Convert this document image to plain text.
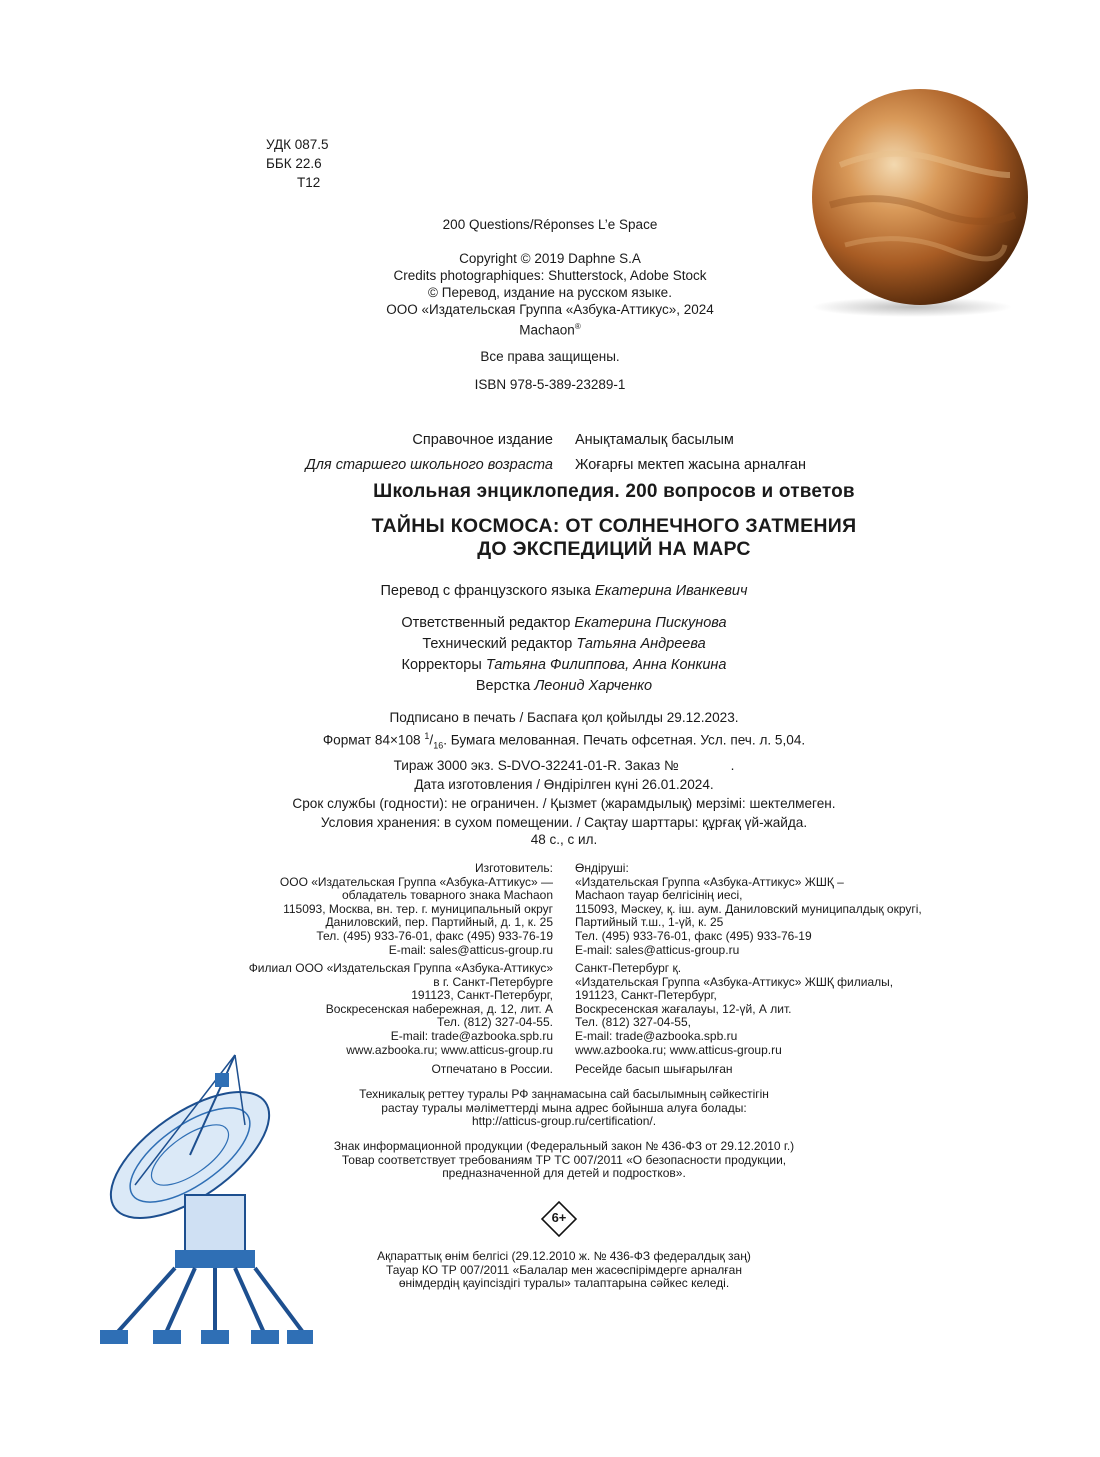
УДК 087.5
ББК 22.6
Т12
200 Questions/Réponses L’e Space
Copyright © 2019 Daphne S.A
Credits photographiques: Shutterstock, Adobe Stock
© Перевод, издание на русском языке.
ООО «Издательская Группа «Азбука-Аттикус», 2024
Machaon®
Все права защищены.
ISBN 978-5-389-23289-1
Справочное издание Анықтамалық басылым
Для старшего школьного возраста Жоғарғы мектеп жасына арналған
Школьная энциклопедия. 200 вопросов и ответов
ТАЙНЫ КОСМОСА: ОТ СОЛНЕЧНОГО ЗАТМЕНИЯ
ДО ЭКСПЕДИЦИЙ НА МАРС
Перевод с французского языка Екатерина Иванкевич
Ответственный редактор Екатерина Пискунова
Технический редактор Татьяна Андреева
Корректоры Татьяна Филиппова, Анна Конкина
Верстка Леонид Харченко
Подписано в печать / Баспаға қол қойылды 29.12.2023.
Формат 84×108 $^1/_{16}$. Бумага мелованная. Печать офсетная. Усл. печ. л. 5,04.
Тираж 3000 экз. S-DVO-32241-01-R. Заказ №	.
Дата изготовления / Өндірілген күні 26.01.2024.
Срок службы (годности): не ограничен. / Қызмет (жарамдылық) мерзімі: шектелмеген.
Условия хранения: в сухом помещении. / Сақтау шарттары: құрғақ үй-жайда.
48 с., с ил.
Изготовитель:
ООО «Издательская Группа «Азбука-Аттикус» —
обладатель товарного знака Machaon
115093, Москва, вн. тер. г. муниципальный округ
Даниловский, пер. Партийный, д. 1, к. 25
Тел. (495) 933-76-01, факс (495) 933-76-19
E-mail: sales@atticus-group.ru
Өндіруші:
«Издательская Группа «Азбука-Аттикус» ЖШҚ –
Machaon тауар белгісінің иесі,
115093, Мәскеу, қ. іш. аум. Даниловский муниципалдық округі,
Партийный т.ш., 1-үй, к. 25
Тел. (495) 933-76-01, факс (495) 933-76-19
E-mail: sales@atticus-group.ru
Филиал ООО «Издательская Группа «Азбука-Аттикус»
в г. Санкт-Петербурге
191123, Санкт-Петербург,
Воскресенская набережная, д. 12, лит. А
Тел. (812) 327-04-55.
E-mail: trade@azbooka.spb.ru
www.azbooka.ru; www.atticus-group.ru
Санкт-Петербург қ.
«Издательская Группа «Азбука-Аттикус» ЖШҚ филиалы,
191123, Санкт-Петербург,
Воскресенская жағалауы, 12-үй, А лит.
Тел. (812) 327-04-55,
E-mail: trade@azbooka.spb.ru
www.azbooka.ru; www.atticus-group.ru
Отпечатано в России. Ресейде басып шығарылған
Техникалық реттеу туралы РФ заңнамасына сай басылымның сәйкестігін
растау туралы мәліметтерді мына адрес бойынша алуға болады:
http://atticus-group.ru/certification/.
Знак информационной продукции (Федеральный закон № 436-ФЗ от 29.12.2010 г.)
Товар соответствует требованиям ТР ТС 007/2011 «О безопасности продукции,
предназначенной для детей и подростков».
6+
Ақпараттық өнім белгісі (29.12.2010 ж. № 436-ФЗ федералдық заң)
Тауар КО ТР 007/2011 «Балалар мен жасөспірімдерге арналған
өнімдердің қауіпсіздігі туралы» талаптарына сәйкес келеді.
